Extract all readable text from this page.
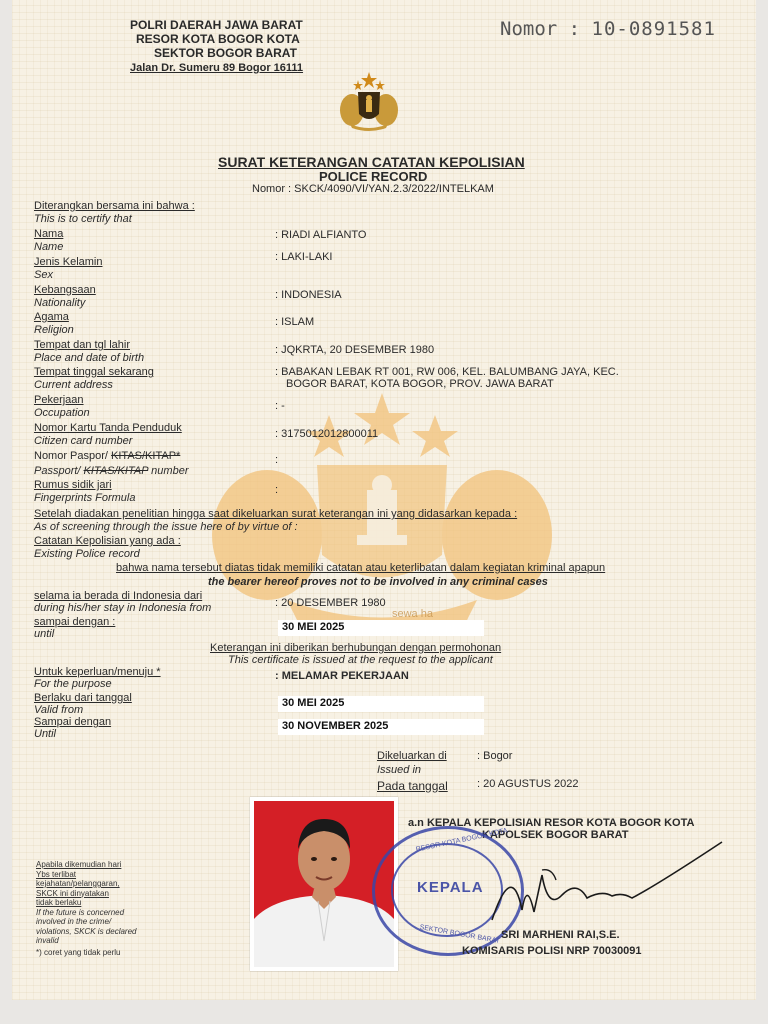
sewa ha
POLRI DAERAH JAWA BARAT
RESOR KOTA BOGOR KOTA
SEKTOR BOGOR BARAT
Jalan Dr. Sumeru 89 Bogor 16111
Nomor : 10-0891581
SURAT KETERANGAN CATATAN KEPOLISIAN
POLICE RECORD
Nomor : SKCK/4090/VI/YAN.2.3/2022/INTELKAM
Diterangkan bersama ini bahwa :
This is to certify that
Nama
Name
: RIADI ALFIANTO
Jenis Kelamin
Sex
: LAKI-LAKI
Kebangsaan
Nationality
: INDONESIA
Agama
Religion
: ISLAM
Tempat dan tgl lahir
Place and date of birth
: JQKRTA, 20 DESEMBER 1980
Tempat tinggal sekarang
Current address
: BABAKAN LEBAK RT 001, RW 006, KEL. BALUMBANG JAYA, KEC.
BOGOR BARAT, KOTA BOGOR, PROV. JAWA BARAT
Pekerjaan
Occupation
: -
Nomor Kartu Tanda Penduduk
Citizen card number
: 3175012012800011
Nomor Paspor/ KITAS/KITAP*
Passport/ KITAS/KITAP number
:
Rumus sidik jari
Fingerprints Formula
:
Setelah diadakan penelitian hingga saat dikeluarkan surat keterangan ini yang didasarkan kepada :
As of screening through the issue here of by virtue of :
Catatan Kepolisian yang ada :
Existing Police record
bahwa nama tersebut diatas tidak memiliki catatan atau keterlibatan dalam kegiatan kriminal apapun
the bearer hereof proves not to be involved in any criminal cases
selama ia berada di Indonesia dari
during his/her stay in Indonesia from	: 20 DESEMBER 1980
sampai dengan :
until
30 MEI 2025
Keterangan ini diberikan berhubungan dengan permohonan
This certificate is issued at the request to the applicant
Untuk keperluan/menuju *
For the purpose
: MELAMAR PEKERJAAN
Berlaku dari tanggal
Valid from
30 MEI 2025
Sampai dengan
Until
30 NOVEMBER 2025
Dikeluarkan di
Issued in
: Bogor
Pada tanggal	: 20 AGUSTUS 2022
a.n KEPALA KEPOLISIAN RESOR KOTA BOGOR KOTA
KAPOLSEK BOGOR BARAT
RESOR KOTA BOGOR KOTA
KEPALA
SEKTOR BOGOR BARAT SRI MARHENI RAI,S.E.
KOMISARIS POLISI NRP 70030091
Apabila dikemudian hari
Ybs terlibat
kejahatan/pelanggaran,
SKCK ini dinyatakan
tidak berlaku
If the future is concerned
involved in the crime/
violations, SKCK is declared
invalid
*) coret yang tidak perlu
